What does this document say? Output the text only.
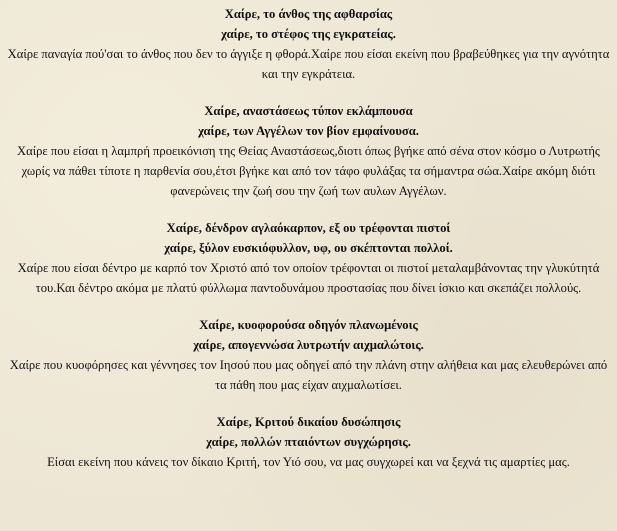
Χαίρε, το άνθος της αφθαρσίας
χαίρε, το στέφος της εγκρατείας.
Χαίρε παναγία πού'σαι το άνθος που δεν το άγγιξε η φθορά.Χαίρε που είσαι εκείνη που βραβεύθηκες για την αγνότητα και την εγκράτεια.
Χαίρε, αναστάσεως τύπον εκλάμπουσα
χαίρε, των Αγγέλων τον βίον εμφαίνουσα.
Χαίρε που είσαι η λαμπρή προεικόνιση της Θείας Αναστάσεως,διοτι όπως βγήκε από σένα στον κόσμο ο Λυτρωτής χωρίς να πάθει τίποτε η παρθενία σου,έτσι βγήκε και από τον τάφο φυλάξας τα σήμαντρα σώα.Χαίρε ακόμη διότι φανερώνεις την ζωή σου την ζωή των αυλων Αγγέλων.
Χαίρε, δένδρον αγλαόκαρπον, εξ ου τρέφονται πιστοί
χαίρε, ξύλον ευσκιόφυλλον, υφ, ου σκέπτονται πολλοί.
Χαίρε που είσαι δέντρο με καρπό τον Χριστό από τον οποίον τρέφονται οι πιστοί μεταλαμβάνοντας την γλυκύτητά του.Και δέντρο ακόμα με πλατύ φύλλωμα παντοδυνάμου προστασίας που δίνει ίσκιο και σκεπάζει πολλούς.
Χαίρε, κυοφορούσα οδηγόν πλανωμένοις
χαίρε, απογεννώσα λυτρωτήν αιχμαλώτοις.
Χαίρε που κυοφόρησες και γέννησες τον Ιησού που μας οδηγεί από την πλάνη στην αλήθεια και μας ελευθερώνει από τα πάθη που μας είχαν αιχμαλωτίσει.
Χαίρε, Κριτού δικαίου δυσώπησις
χαίρε, πολλών πταιόντων συγχώρησις.
Είσαι εκείνη που κάνεις τον δίκαιο Κριτή, τον Υιό σου, να μας συγχωρεί και να ξεχνά τις αμαρτίες μας.
